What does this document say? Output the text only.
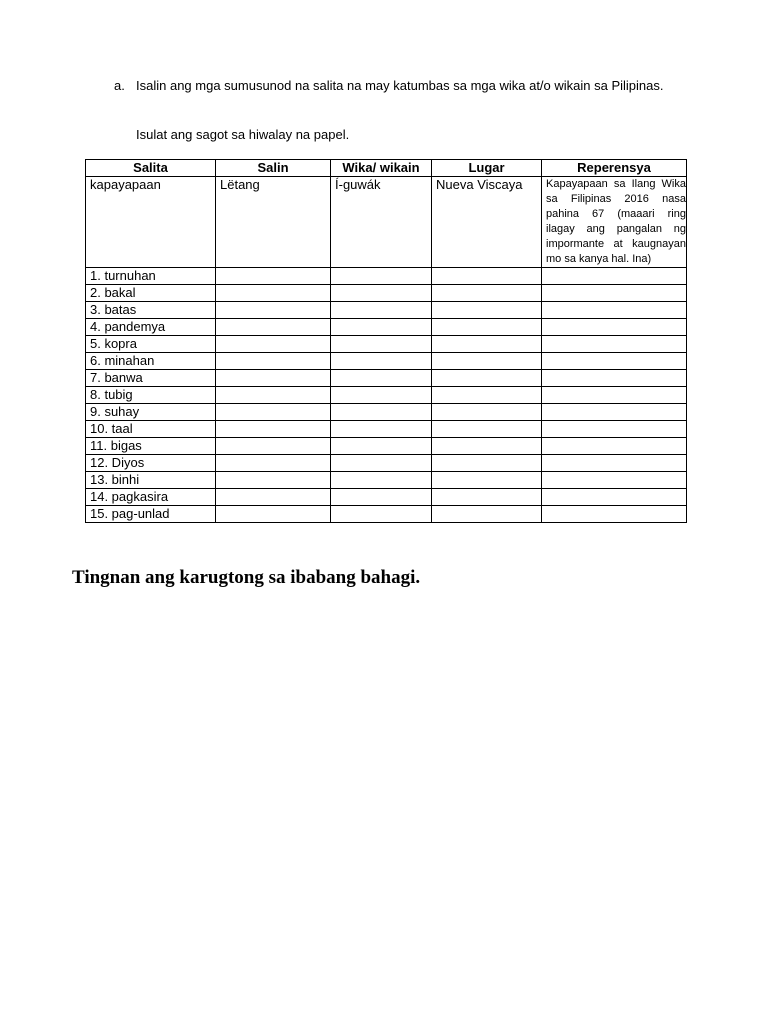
a. Isalin ang mga sumusunod na salita na may katumbas sa mga wika at/o wikain sa Pilipinas.
Isulat ang sagot sa hiwalay na papel.
Salita	Salin	Wika/ wikain	Lugar	Reperensya
kapayapaan	Lëtang	Í-guwák	Nueva Viscaya	Kapayapaan sa Ilang Wika sa Filipinas 2016 nasa pahina 67 (maaari ring ilagay ang pangalan ng impormante at kaugnayan mo sa kanya hal. Ina)
1. turnuhan				
2. bakal				
3. batas				
4. pandemya				
5. kopra				
6. minahan				
7. banwa				
8. tubig				
9. suhay				
10. taal				
11. bigas				
12. Diyos				
13. binhi				
14. pagkasira				
15. pag-unlad				
Tingnan ang karugtong sa ibabang bahagi.
